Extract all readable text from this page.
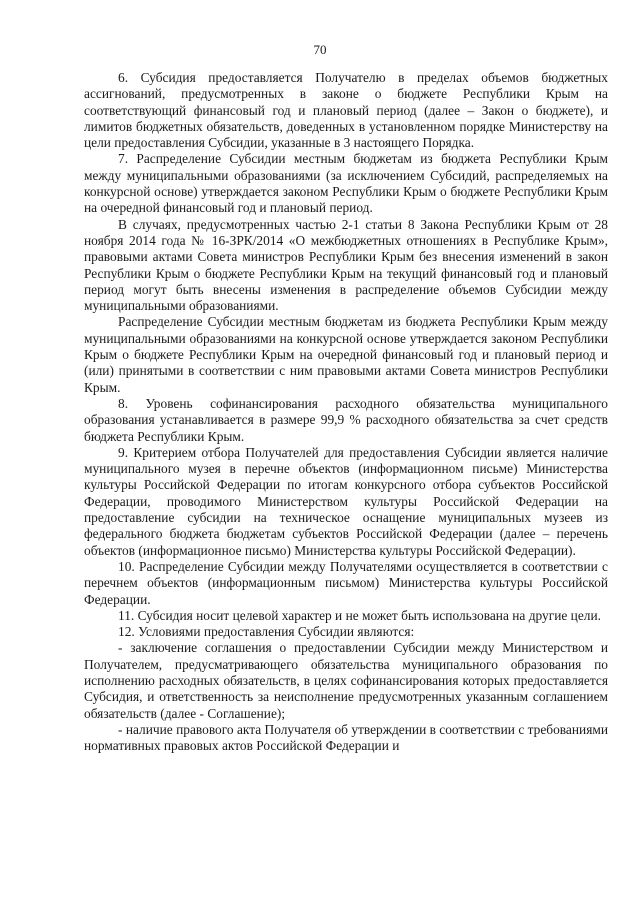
70

6. Субсидия предоставляется Получателю в пределах объемов бюджетных ассигнований, предусмотренных в законе о бюджете Республики Крым на соответствующий финансовый год и плановый период (далее – Закон о бюджете), и лимитов бюджетных обязательств, доведенных в установленном порядке Министерству на цели предоставления Субсидии, указанные в 3 настоящего Порядка.

7. Распределение Субсидии местным бюджетам из бюджета Республики Крым между муниципальными образованиями (за исключением Субсидий, распределяемых на конкурсной основе) утверждается законом Республики Крым о бюджете Республики Крым на очередной финансовый год и плановый период.

В случаях, предусмотренных частью 2-1 статьи 8 Закона Республики Крым от 28 ноября 2014 года № 16-ЗРК/2014 «О межбюджетных отношениях в Республике Крым», правовыми актами Совета министров Республики Крым без внесения изменений в закон Республики Крым о бюджете Республики Крым на текущий финансовый год и плановый период могут быть внесены изменения в распределение объемов Субсидии между муниципальными образованиями.

Распределение Субсидии местным бюджетам из бюджета Республики Крым между муниципальными образованиями на конкурсной основе утверждается законом Республики Крым о бюджете Республики Крым на очередной финансовый год и плановый период и (или) принятыми в соответствии с ним правовыми актами Совета министров Республики Крым.

8. Уровень софинансирования расходного обязательства муниципального образования устанавливается в размере 99,9 % расходного обязательства за счет средств бюджета Республики Крым.

9. Критерием отбора Получателей для предоставления Субсидии является наличие муниципального музея в перечне объектов (информационном письме) Министерства культуры Российской Федерации по итогам конкурсного отбора субъектов Российской Федерации, проводимого Министерством культуры Российской Федерации на предоставление субсидии на техническое оснащение муниципальных музеев из федерального бюджета бюджетам субъектов Российской Федерации (далее – перечень объектов (информационное письмо) Министерства культуры Российской Федерации).

10. Распределение Субсидии между Получателями осуществляется в соответствии с перечнем объектов (информационным письмом) Министерства культуры Российской Федерации.

11. Субсидия носит целевой характер и не может быть использована на другие цели.

12. Условиями предоставления Субсидии являются:

- заключение соглашения о предоставлении Субсидии между Министерством и Получателем, предусматривающего обязательства муниципального образования по исполнению расходных обязательств, в целях софинансирования которых предоставляется Субсидия, и ответственность за неисполнение предусмотренных указанным соглашением обязательств (далее - Соглашение);

- наличие правового акта Получателя об утверждении в соответствии с требованиями нормативных правовых актов Российской Федерации и
